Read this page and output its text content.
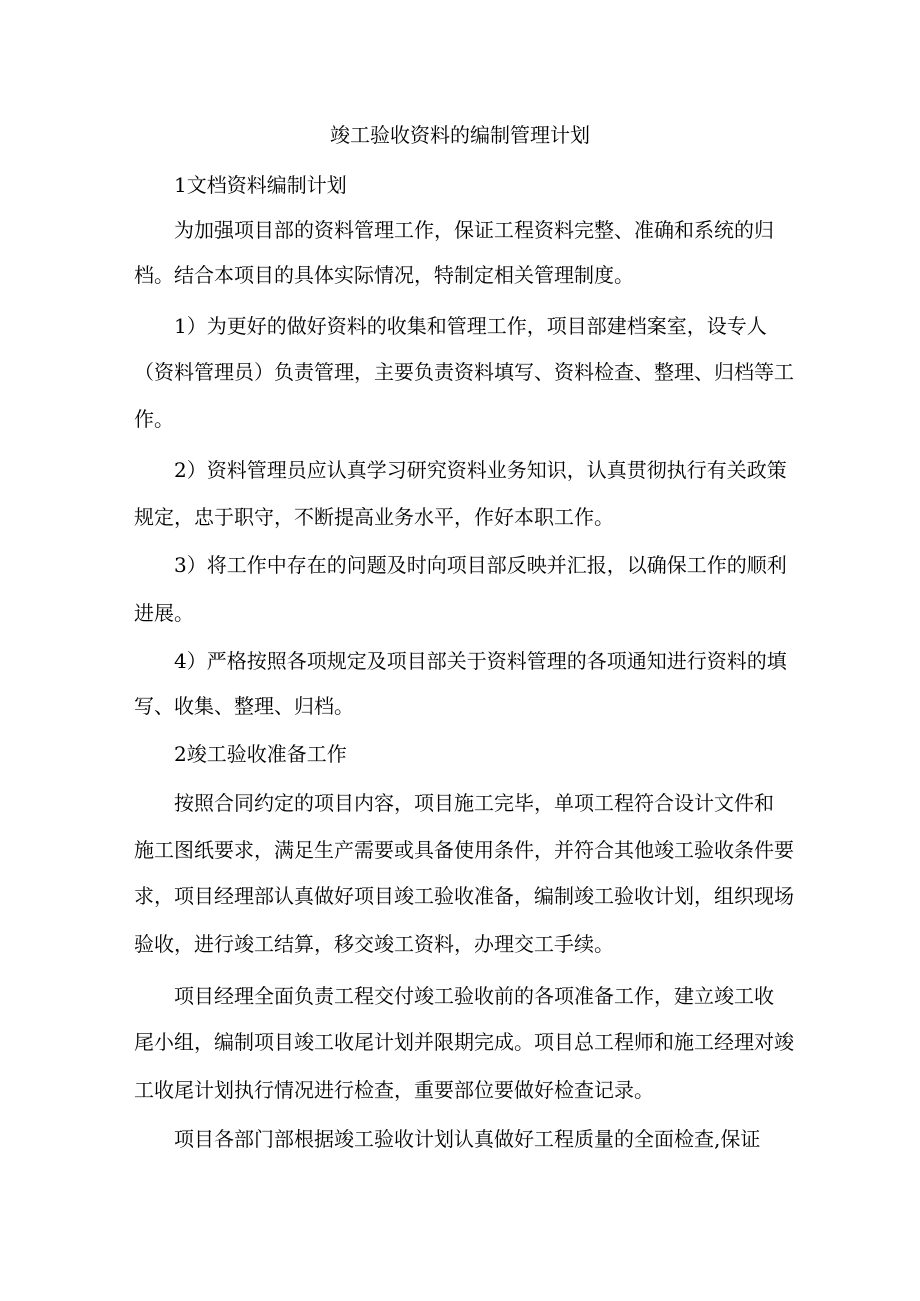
竣工验收资料的编制管理计划

1文档资料编制计划

为加强项目部的资料管理工作，保证工程资料完整、准确和系统的归

档。结合本项目的具体实际情况，特制定相关管理制度。

1）为更好的做好资料的收集和管理工作，项目部建档案室，设专人

（资料管理员）负责管理，主要负责资料填写、资料检查、整理、归档等工

作。

2）资料管理员应认真学习研究资料业务知识，认真贯彻执行有关政策

规定，忠于职守，不断提高业务水平，作好本职工作。

3）将工作中存在的问题及时向项目部反映并汇报，以确保工作的顺利

进展。

4）严格按照各项规定及项目部关于资料管理的各项通知进行资料的填

写、收集、整理、归档。

2竣工验收准备工作

按照合同约定的项目内容，项目施工完毕，单项工程符合设计文件和

施工图纸要求，满足生产需要或具备使用条件，并符合其他竣工验收条件要

求，项目经理部认真做好项目竣工验收准备，编制竣工验收计划，组织现场

验收，进行竣工结算，移交竣工资料，办理交工手续。

项目经理全面负责工程交付竣工验收前的各项准备工作，建立竣工收

尾小组，编制项目竣工收尾计划并限期完成。项目总工程师和施工经理对竣

工收尾计划执行情况进行检查，重要部位要做好检查记录。

项目各部门部根据竣工验收计划认真做好工程质量的全面检查,保证
